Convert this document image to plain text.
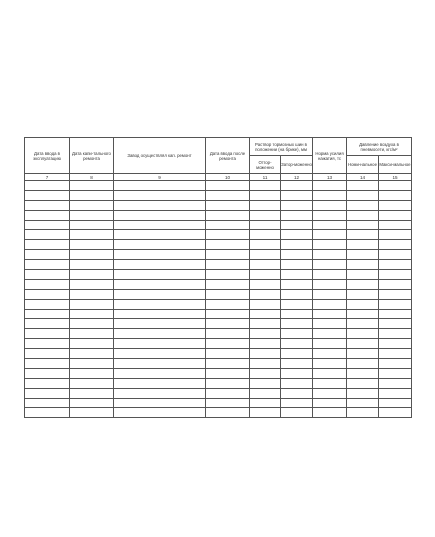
Дата ввода в эксплуатацию	Дата капи-тального ремонта	Завод осуществлял кап. ремонт	Дата ввода после ремонта	Раствор тормозных шин в положении (на брике), мм		Норма усилия нажатия, тс	Давление воздуха в пневмосети, кгс/м²	
				Отгор-моженно	Затор-моженно		Номи-нальное	Макси-мальное
7	8	9	10	11	12	13	14	15
